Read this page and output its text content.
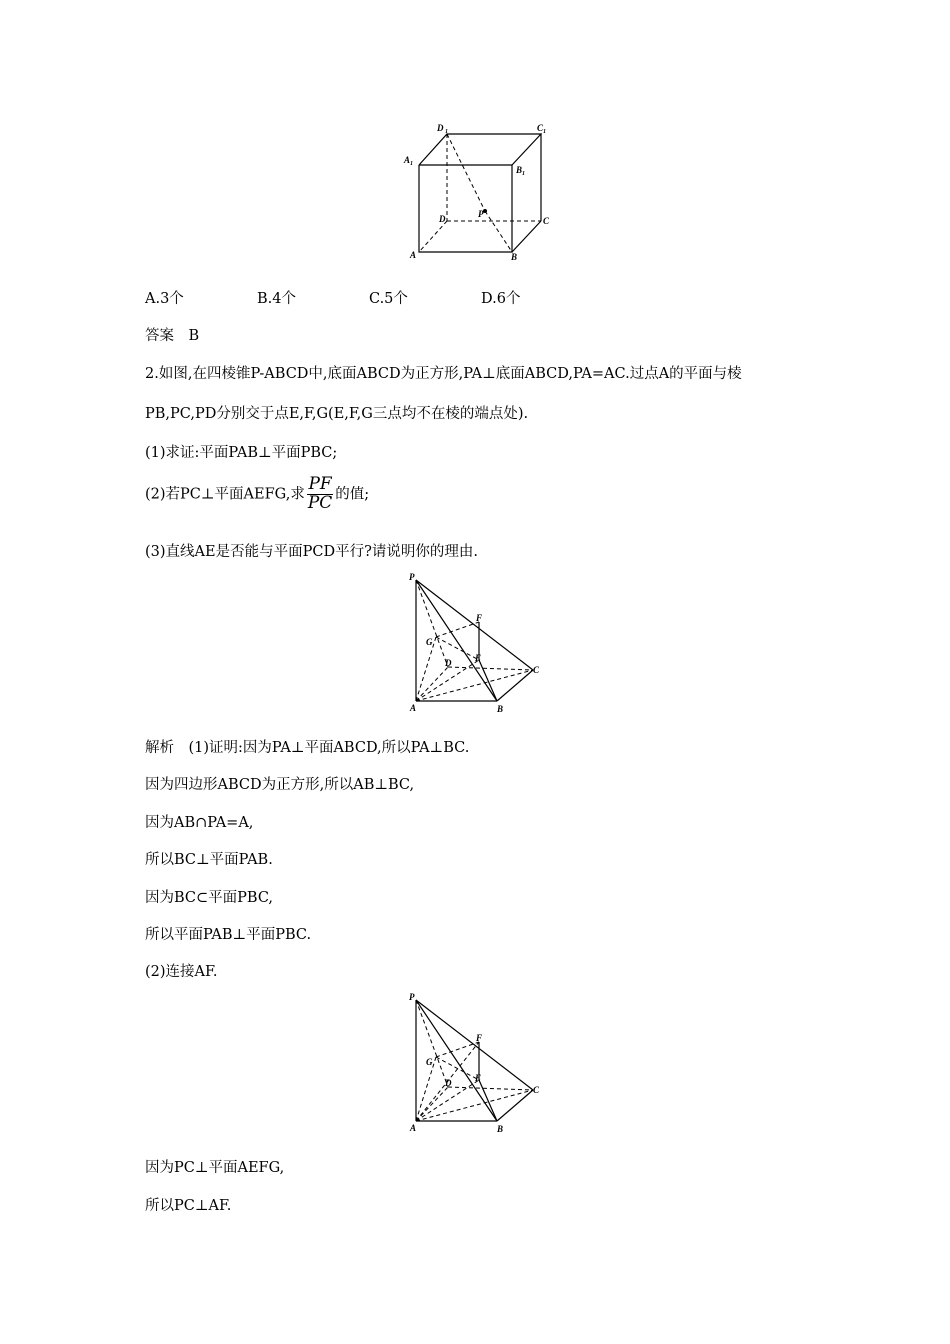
D 1	C 1
A 1
B 1
D	P
C
A	B
A.3个	B.4个	C.5个	D.6个
答案　B
2.如图,在四棱锥P-ABCD中,底面ABCD为正方形,PA⊥底面ABCD,PA=AC.过点A的平面与棱
PB,PC,PD分别交于点E,F,G(E,F,G三点均不在棱的端点处).
(1)求证:平面PAB⊥平面PBC;
(2)若PC⊥平面AEFG,求 $\frac{PF}{PC}$ 的值;
(3)直线AE是否能与平面PCD平行?请说明你的理由.
P
F
G
D	E
C
A	B
解析　(1)证明:因为PA⊥平面ABCD,所以PA⊥BC.
因为四边形ABCD为正方形,所以AB⊥BC,
因为AB∩PA=A,
所以BC⊥平面PAB.
因为BC⊂平面PBC,
所以平面PAB⊥平面PBC.
(2)连接AF.
P
F
G
D	E
C
A	B
因为PC⊥平面AEFG,
所以PC⊥AF.
